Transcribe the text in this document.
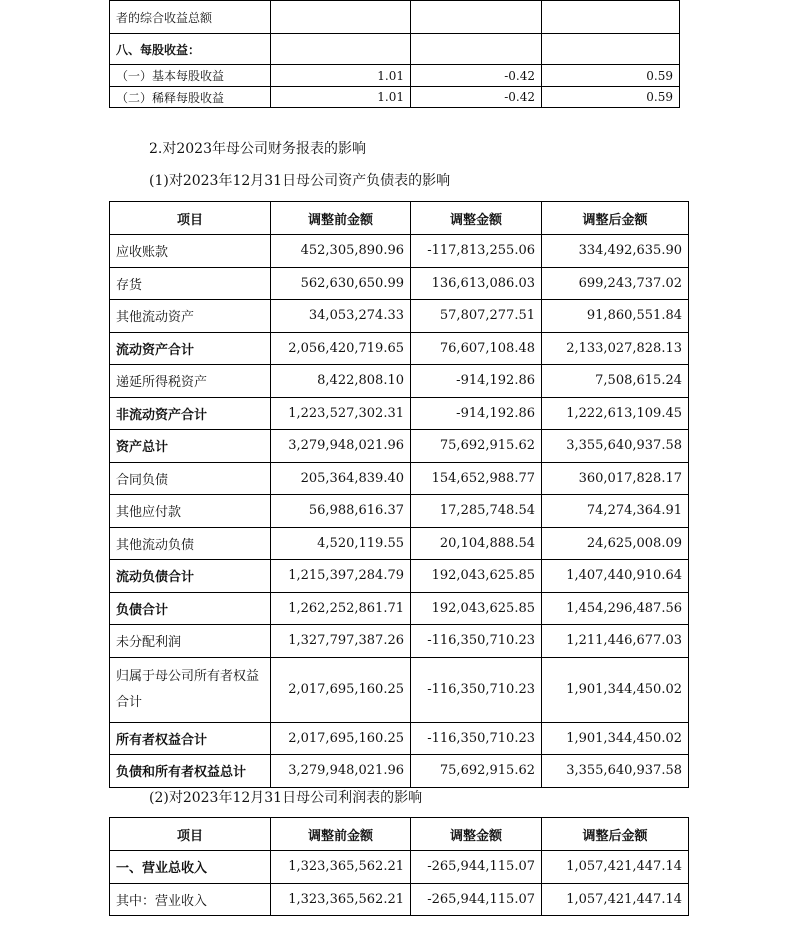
者的综合收益总额			
八、每股收益：			
（一）基本每股收益	1.01	-0.42	0.59
（二）稀释每股收益	1.01	-0.42	0.59
2.对2023年母公司财务报表的影响
(1)对2023年12月31日母公司资产负债表的影响
项目	调整前金额	调整金额	调整后金额
应收账款	452,305,890.96	-117,813,255.06	334,492,635.90
存货	562,630,650.99	136,613,086.03	699,243,737.02
其他流动资产	34,053,274.33	57,807,277.51	91,860,551.84
流动资产合计	2,056,420,719.65	76,607,108.48	2,133,027,828.13
递延所得税资产	8,422,808.10	-914,192.86	7,508,615.24
非流动资产合计	1,223,527,302.31	-914,192.86	1,222,613,109.45
资产总计	3,279,948,021.96	75,692,915.62	3,355,640,937.58
合同负债	205,364,839.40	154,652,988.77	360,017,828.17
其他应付款	56,988,616.37	17,285,748.54	74,274,364.91
其他流动负债	4,520,119.55	20,104,888.54	24,625,008.09
流动负债合计	1,215,397,284.79	192,043,625.85	1,407,440,910.64
负债合计	1,262,252,861.71	192,043,625.85	1,454,296,487.56
未分配利润	1,327,797,387.26	-116,350,710.23	1,211,446,677.03
归属于母公司所有者权益合计	2,017,695,160.25	-116,350,710.23	1,901,344,450.02
所有者权益合计	2,017,695,160.25	-116,350,710.23	1,901,344,450.02
负债和所有者权益总计	3,279,948,021.96	75,692,915.62	3,355,640,937.58
(2)对2023年12月31日母公司利润表的影响
项目	调整前金额	调整金额	调整后金额
一、营业总收入	1,323,365,562.21	-265,944,115.07	1,057,421,447.14
其中：营业收入	1,323,365,562.21	-265,944,115.07	1,057,421,447.14
